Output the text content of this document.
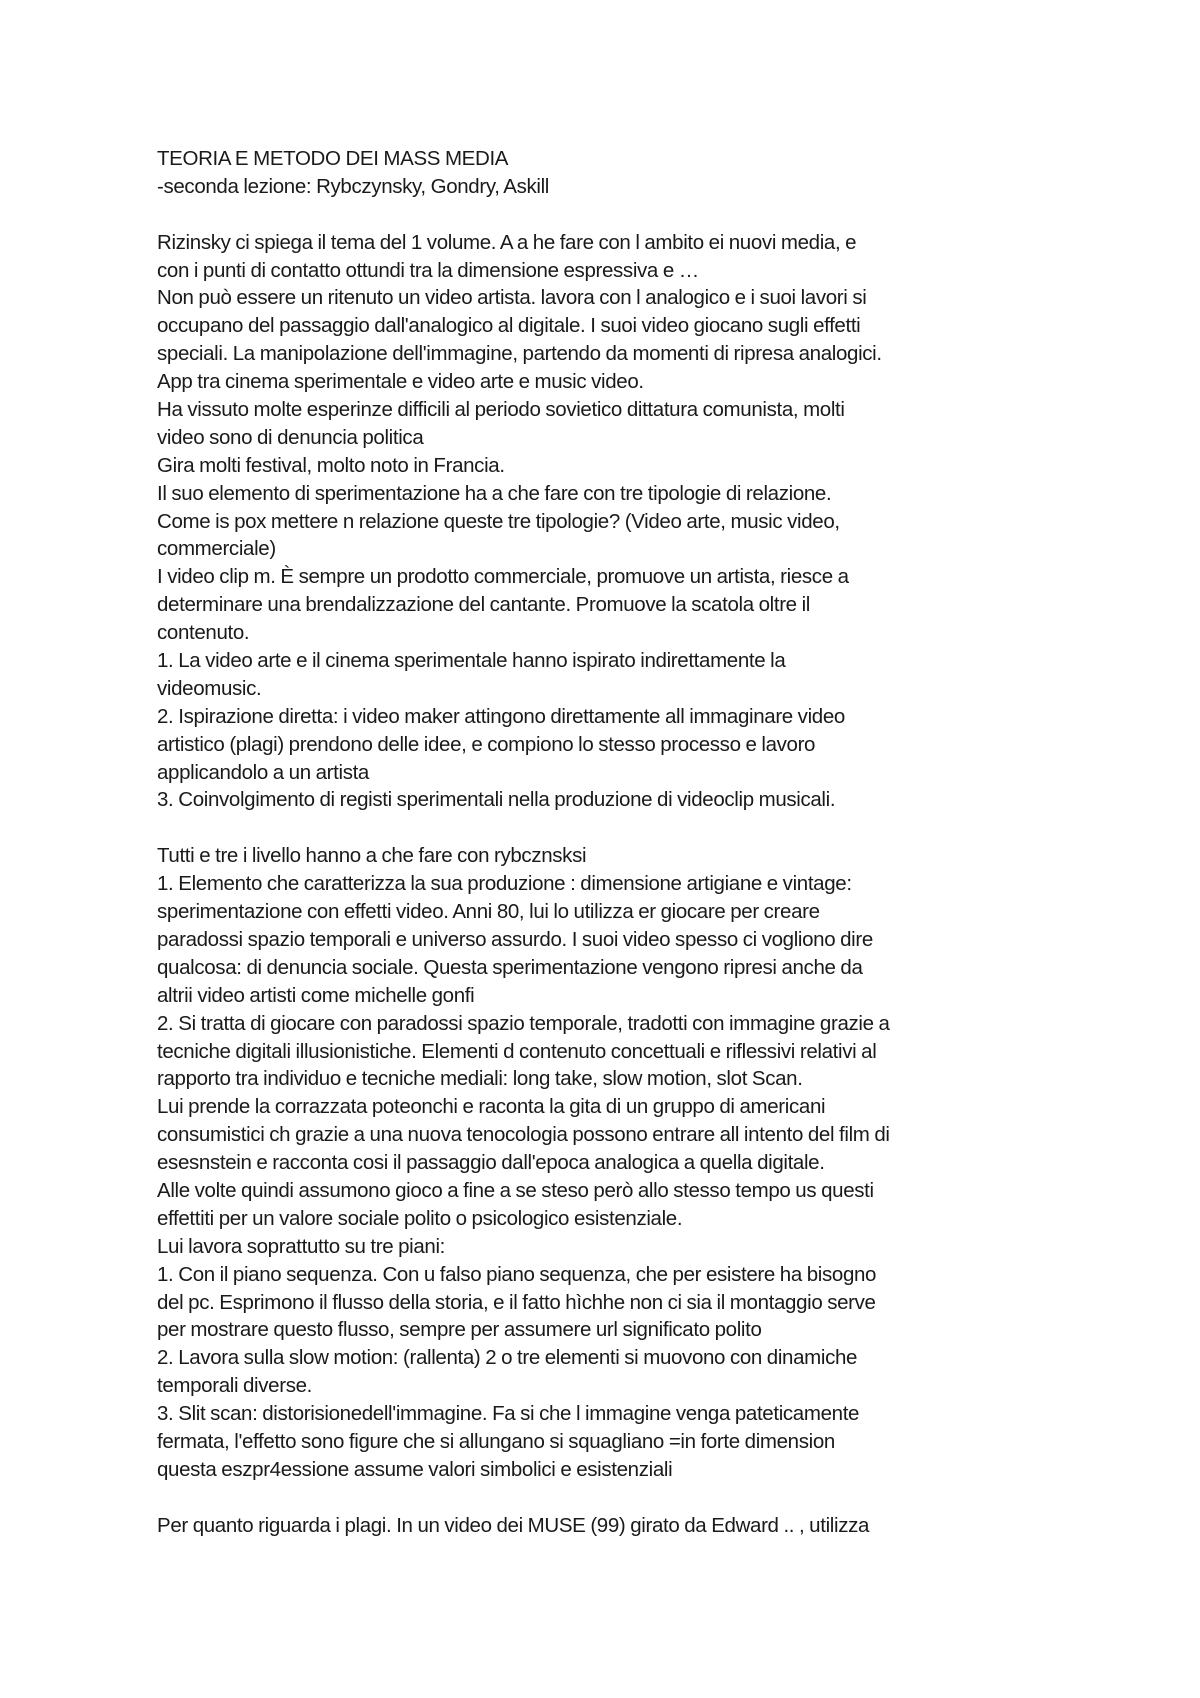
TEORIA E METODO DEI MASS MEDIA
-seconda lezione: Rybczynsky, Gondry, Askill
Rizinsky ci spiega il tema del 1 volume. A a he fare con l ambito ei nuovi media, e
con i punti di contatto ottundi tra la dimensione espressiva e …
Non può essere un ritenuto un video artista. lavora con l analogico e i suoi lavori si
occupano del passaggio dall'analogico al digitale. I suoi video giocano sugli effetti
speciali. La manipolazione dell'immagine, partendo da momenti di ripresa analogici.
App tra cinema sperimentale e video arte e music video.
Ha vissuto molte esperinze difficili al periodo sovietico dittatura comunista, molti
video sono di denuncia politica
Gira molti festival, molto noto in Francia.
Il suo elemento di sperimentazione ha a che fare con tre tipologie di relazione.
Come is pox mettere n relazione queste tre tipologie? (Video arte, music video,
commerciale)
I video clip m. È sempre un prodotto commerciale, promuove un artista, riesce a
determinare una brendalizzazione del cantante. Promuove la scatola oltre il
contenuto.
1. La video arte e il cinema sperimentale hanno ispirato indirettamente la
videomusic.
2. Ispirazione diretta: i video maker attingono direttamente all immaginare video
artistico (plagi) prendono delle idee, e compiono lo stesso processo e lavoro
applicandolo a un artista
3. Coinvolgimento di registi sperimentali nella produzione di videoclip musicali.
Tutti e tre i livello hanno a che fare con rybcznsksi
1. Elemento che caratterizza la sua produzione : dimensione artigiane e vintage:
sperimentazione con effetti video. Anni 80, lui lo utilizza er giocare per creare
paradossi spazio temporali e universo assurdo. I suoi video spesso ci vogliono dire
qualcosa: di denuncia sociale. Questa sperimentazione vengono ripresi anche da
altrii video artisti come michelle gonfi
2. Si tratta di giocare con paradossi spazio temporale, tradotti con immagine grazie a
tecniche digitali illusionistiche. Elementi d contenuto concettuali e riflessivi relativi al
rapporto tra individuo e tecniche mediali: long take, slow motion, slot Scan.
Lui prende la corrazzata poteonchi e raconta la gita di un gruppo di americani
consumistici ch grazie a una nuova tenocologia possono entrare all intento del film di
esesnstein e racconta cosi il passaggio dall'epoca analogica a quella digitale.
Alle volte quindi assumono gioco a fine a se steso però allo stesso tempo us questi
effettiti per un valore sociale polito o psicologico esistenziale.
Lui lavora soprattutto su tre piani:
1. Con il piano sequenza. Con u falso piano sequenza, che per esistere ha bisogno
del pc. Esprimono il flusso della storia, e il fatto hìchhe non ci sia il montaggio serve
per mostrare questo flusso, sempre per assumere url significato polito
2. Lavora sulla slow motion: (rallenta) 2 o tre elementi si muovono con dinamiche
temporali diverse.
3. Slit scan: distorisionedell'immagine. Fa si che l immagine venga pateticamente
fermata, l'effetto sono figure che si allungano si squagliano =in forte dimension
questa eszpr4essione assume valori simbolici e esistenziali
Per quanto riguarda i plagi. In un video dei MUSE (99) girato da Edward .. , utilizza
